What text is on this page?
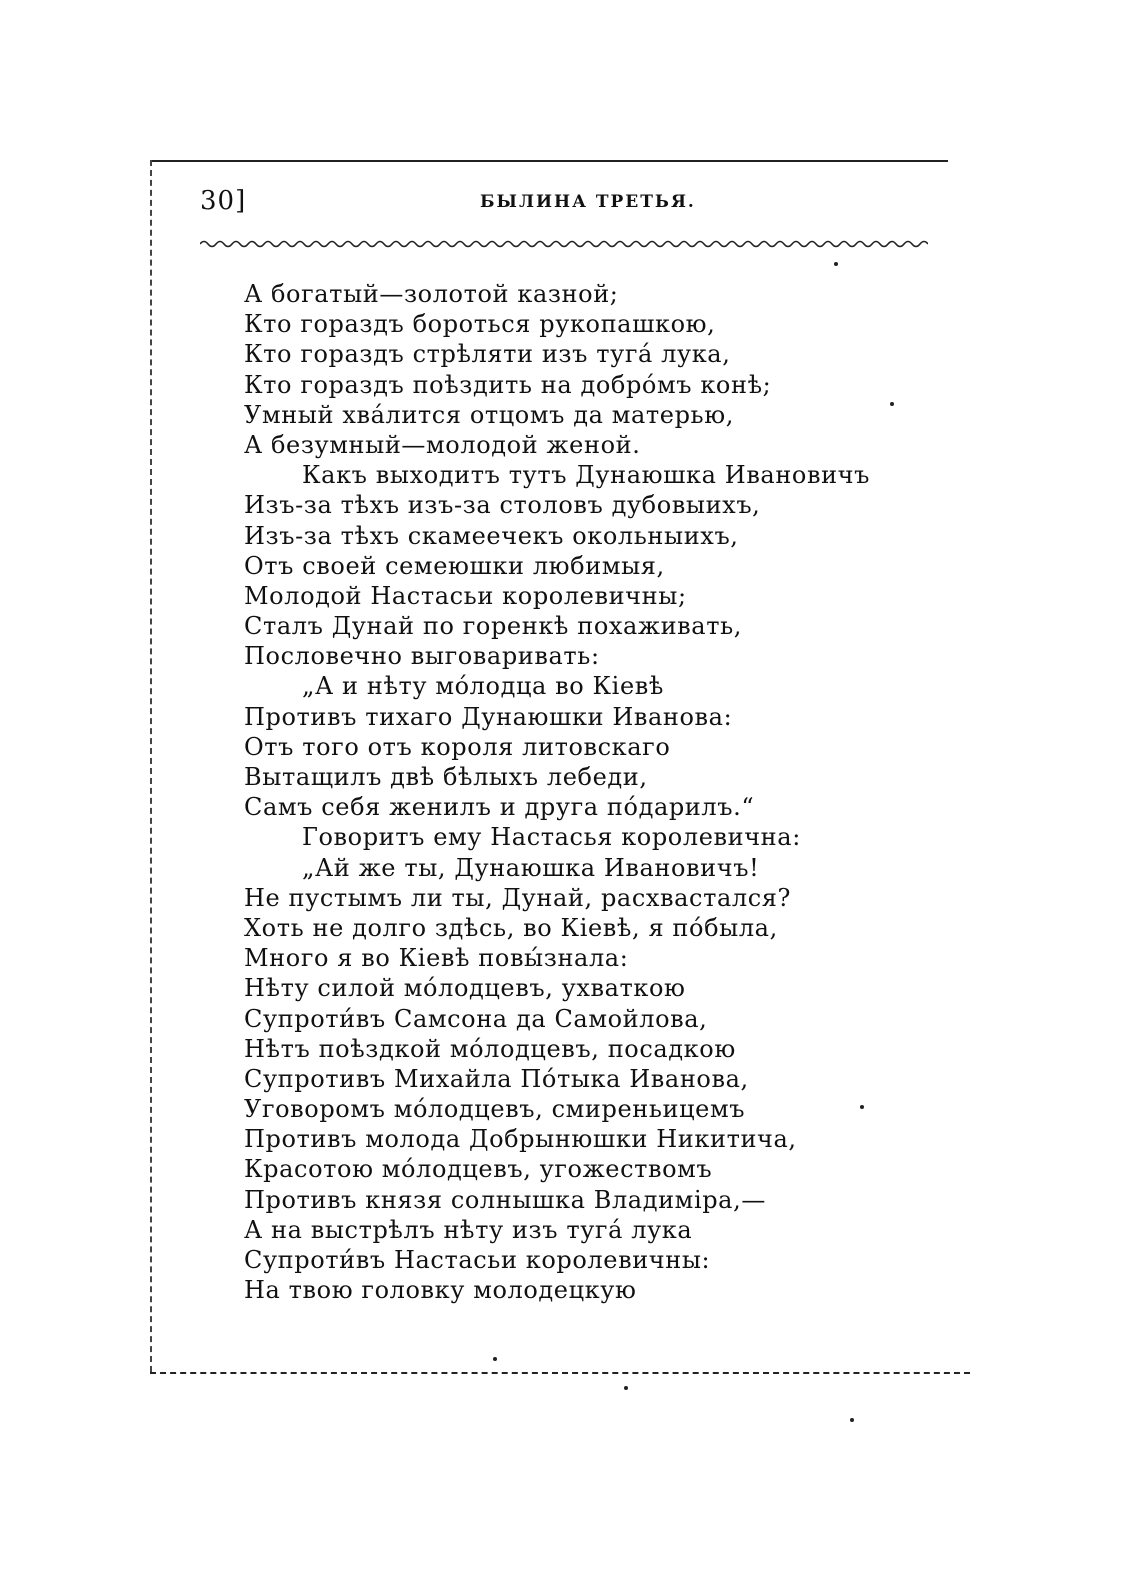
30]	БЫЛИНА ТРЕТЬЯ.
А богатый—золотой казной;
Кто гораздъ бороться рукопашкою,
Кто гораздъ стрѣляти изъ туга́ лука,
Кто гораздъ поѣздить на добро́мъ конѣ;
Умный хва́лится отцомъ да матерью,
А безумный—молодой женой.
Какъ выходитъ тутъ Дунаюшка Ивановичъ
Изъ-за тѣхъ изъ-за столовъ дубовыихъ,
Изъ-за тѣхъ скамеечекъ окольныихъ,
Отъ своей семеюшки любимыя,
Молодой Настасьи королевичны;
Сталъ Дунай по горенкѣ похаживать,
Пословечно выговаривать:
„А и нѣту мо́лодца во Кіевѣ
Противъ тихаго Дунаюшки Иванова:
Отъ того отъ короля литовскаго
Вытащилъ двѣ бѣлыхъ лебеди,
Самъ себя женилъ и друга по́дарилъ.“
Говоритъ ему Настасья королевична:
„Ай же ты, Дунаюшка Ивановичъ!
Не пустымъ ли ты, Дунай, расхвастался?
Хоть не долго здѣсь, во Кіевѣ, я по́была,
Много я во Кіевѣ повы́знала:
Нѣту силой мо́лодцевъ, ухваткою
Супроти́въ Самсона да Самойлова,
Нѣтъ поѣздкой мо́лодцевъ, посадкою
Супротивъ Михайла По́тыка Иванова,
Уговоромъ мо́лодцевъ, смиреньицемъ
Противъ молода Добрынюшки Никитича,
Красотою мо́лодцевъ, угожествомъ
Противъ князя солнышка Владиміра,—
А на выстрѣлъ нѣту изъ туга́ лука
Супроти́въ Настасьи королевичны:
На твою головку молодецкую
